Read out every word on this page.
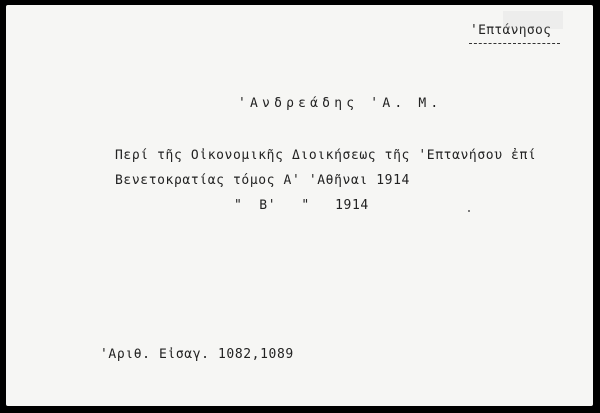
'Επτάνησος
'Ανδρεάδης 'Α. Μ.
Περί τῆς Οἰκονομικῆς Διοικήσεως τῆς 'Επτανήσου ἐπί
Βενετοκρατίας τόμος Α' 'Αθῆναι 1914
"  Β'   "   1914
'Αριθ. Εἰσαγ. 1082,1089
